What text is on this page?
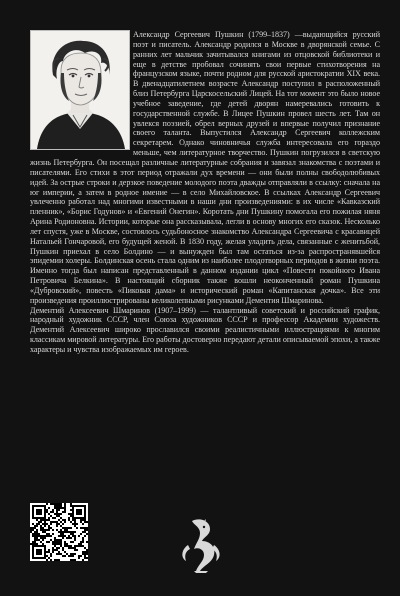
Александр Сергеевич Пушкин (1799–1837) —выдающийся русский поэт и писатель. Александр родился в Москве в дворянской семье. С ранних лет мальчик зачитывался книгами из отцовской библиотеки и еще в детстве пробовал сочинять свои первые стихотворения на французском языке, почти родном для русской аристократии XIX века. В двенадцатилетнем возрасте Александр поступил в расположенный близ Петербурга Царскосельский Лицей. На тот момент это было новое учебное заведение, где детей дворян намеревались готовить к государственной службе. В Лицее Пушкин провел шесть лет. Там он увлекся поэзией, обрел верных друзей и впервые получил признание своего таланта. Выпустился Александр Сергеевич коллежским секретарем. Однако чиновничья служба интересовала его гораздо меньше, чем литературное творчество. Пушкин погрузился в светскую жизнь Петербурга. Он посещал различные литературные собрания и завязал знакомства с поэтами и писателями. Его стихи в этот период отражали дух времени — они были полны свободолюбивых идей. За острые строки и дерзкое поведение молодого поэта дважды отправляли в ссылку: сначала на юг империи, а затем в родное имение — в село Михайловское. В ссылках Александр Сергеевич увлеченно работал над многими известными в наши дни произведениями: в их числе «Кавказский пленник», «Борис Годунов» и «Евгений Онегин». Коротать дни Пушкину помогала его пожилая няня Арина Родионовна. Истории, которые она рассказывала, легли в основу многих его сказок. Несколько лет спустя, уже в Москве, состоялось судьбоносное знакомство Александра Сергеевича с красавицей Натальей Гончаровой, его будущей женой. В 1830 году, желая уладить дела, связанные с женитьбой, Пушкин приехал в село Болдино — и вынужден был там остаться из-за распространявшейся эпидемии холеры. Болдинская осень стала одним из наиболее плодотворных периодов в жизни поэта. Именно тогда был написан представленный в данном издании цикл «Повести покойного Ивана Петровича Белкина». В настоящий сборник также вошли неоконченный роман Пушкина «Дубровский», повесть «Пиковая дама» и исторический роман «Капитанская дочка». Все эти произведения проиллюстрированы великолепными рисунками Дементия Шмаринова.

Дементий Алексеевич Шмаринов (1907–1999) — талантливый советский и российский график, народный художник СССР, член Союза художников СССР и профессор Академии художеств. Дементий Алексеевич широко прославился своими реалистичными иллюстрациями к многим классикам мировой литературы. Его работы достоверно передают детали описываемой эпохи, а также характеры и чувства изображаемых им героев.
